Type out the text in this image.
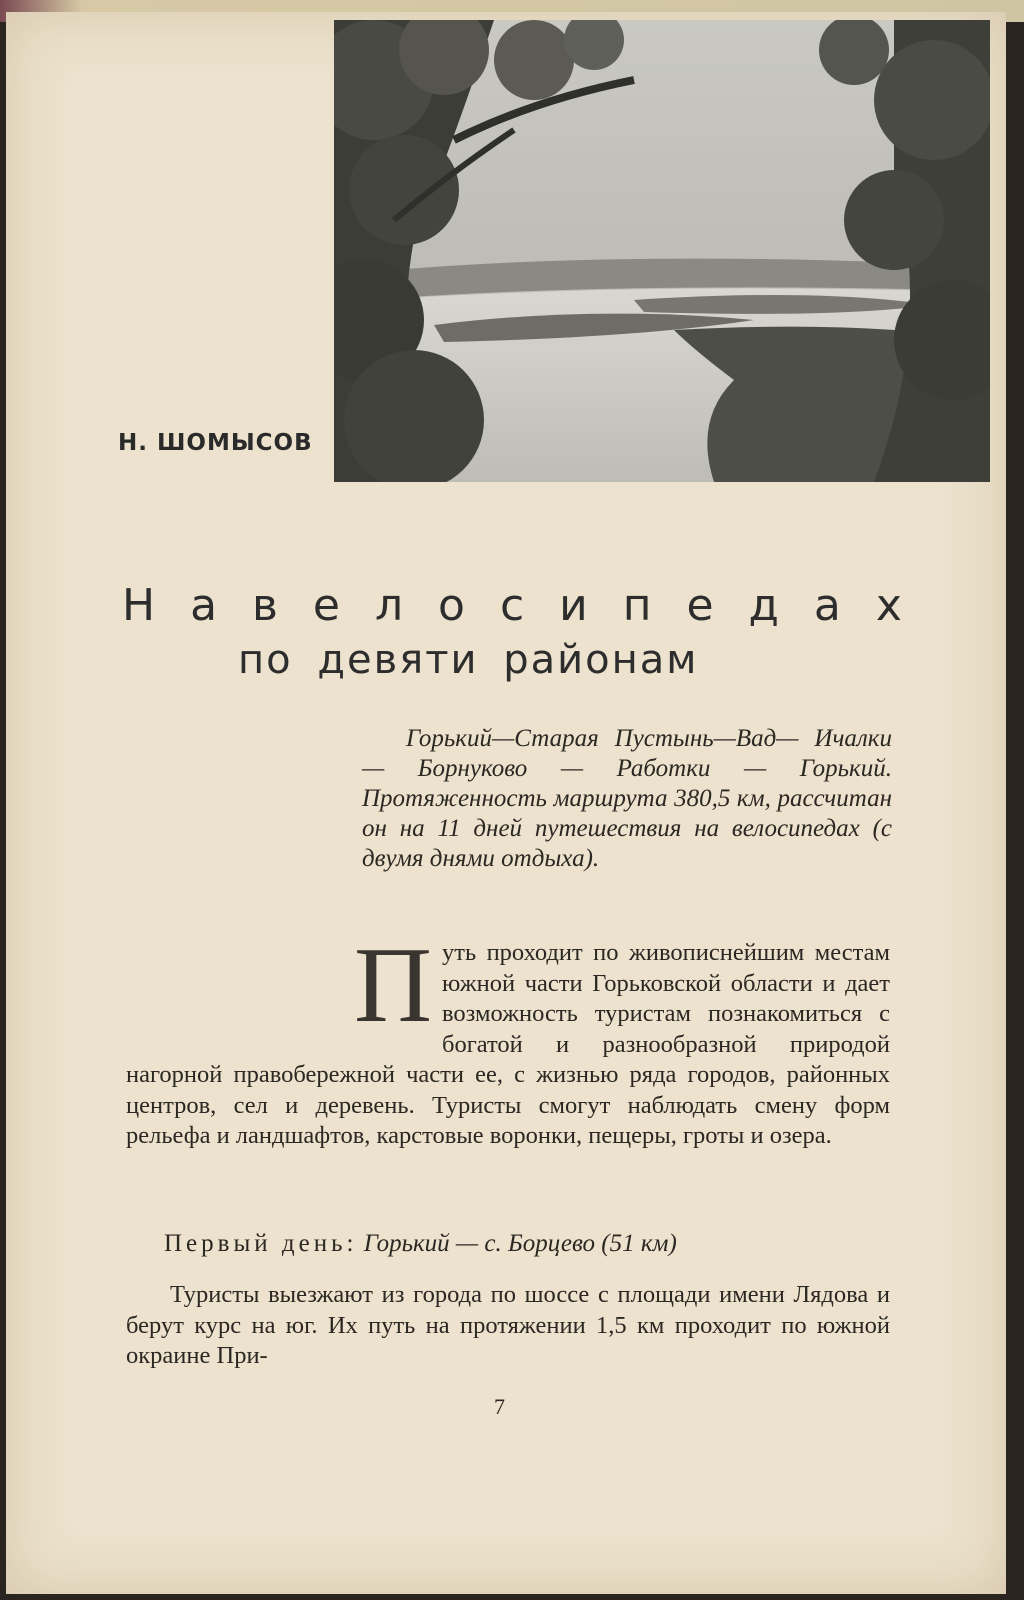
Н. ШОМЫСОВ
Н а в е л о с и п е д а х
по девяти районам
Горький—Старая Пустынь—Вад— Ичалки — Борнуково — Работки — Горький. Протяженность маршрута 380,5 км, рассчитан он на 11 дней путешествия на велосипедах (с двумя днями отдыха).
Путь проходит по живописнейшим местам южной части Горьковской области и дает возможность туристам познакомиться с богатой и разнообразной природой нагорной правобережной части ее, с жизнью ряда городов, районных центров, сел и деревень. Туристы смогут наблюдать смену форм рельефа и ландшафтов, карстовые воронки, пещеры, гроты и озера.
Первый день: Горький — с. Борцево (51 км)
Туристы выезжают из города по шоссе с площади имени Лядова и берут курс на юг. Их путь на протяжении 1,5 км проходит по южной окраине При-
7
